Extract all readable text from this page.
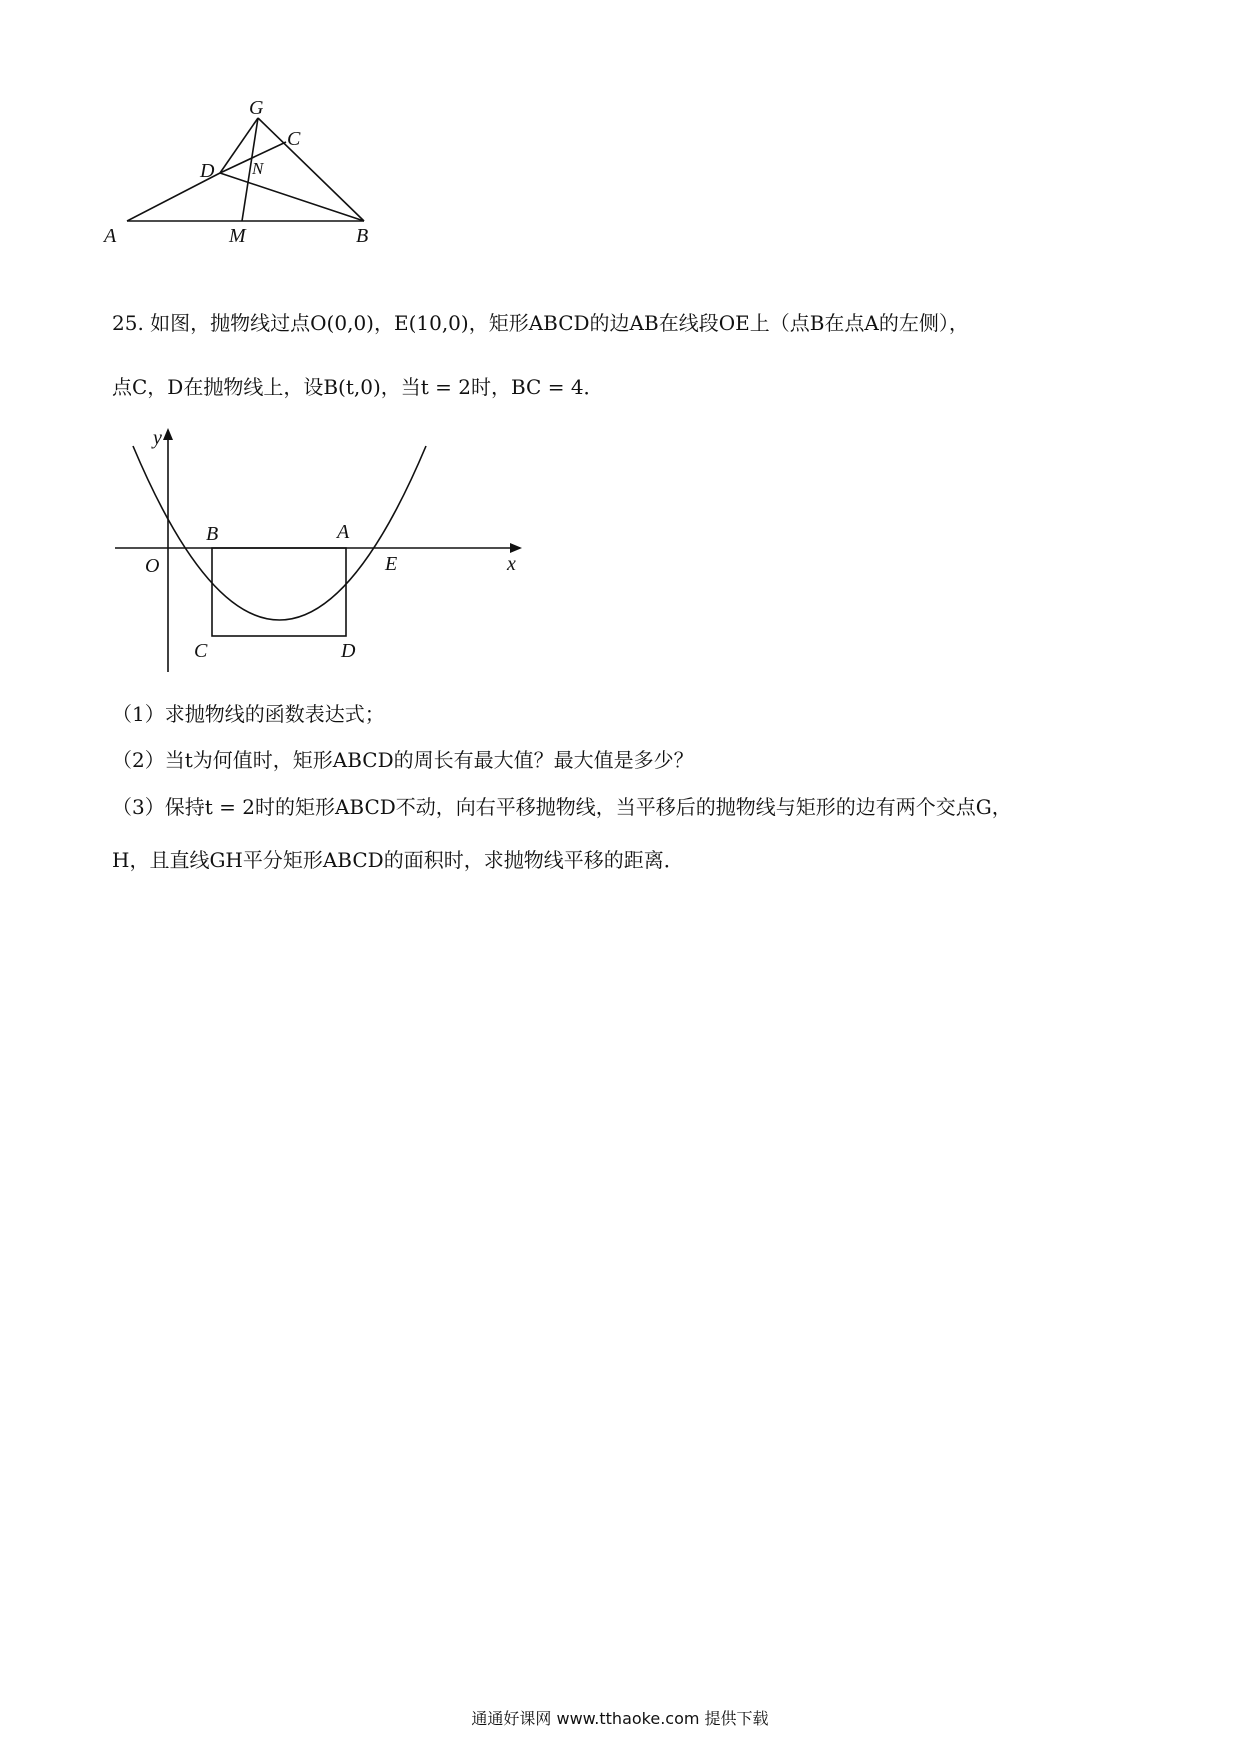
G
C
D N
A	M	B
25. 如图，抛物线过点O(0,0)，E(10,0)，矩形ABCD的边AB在线段OE上（点B在点A的左侧），
点C，D在抛物线上，设B(t,0)，当t = 2时，BC = 4．
y
x
O
B	A
E
C	D
（1）求抛物线的函数表达式；
（2）当t为何值时，矩形ABCD的周长有最大值？最大值是多少？
（3）保持t = 2时的矩形ABCD不动，向右平移抛物线，当平移后的抛物线与矩形的边有两个交点G，
H，且直线GH平分矩形ABCD的面积时，求抛物线平移的距离．
通通好课网 www.tthaoke.com 提供下载
